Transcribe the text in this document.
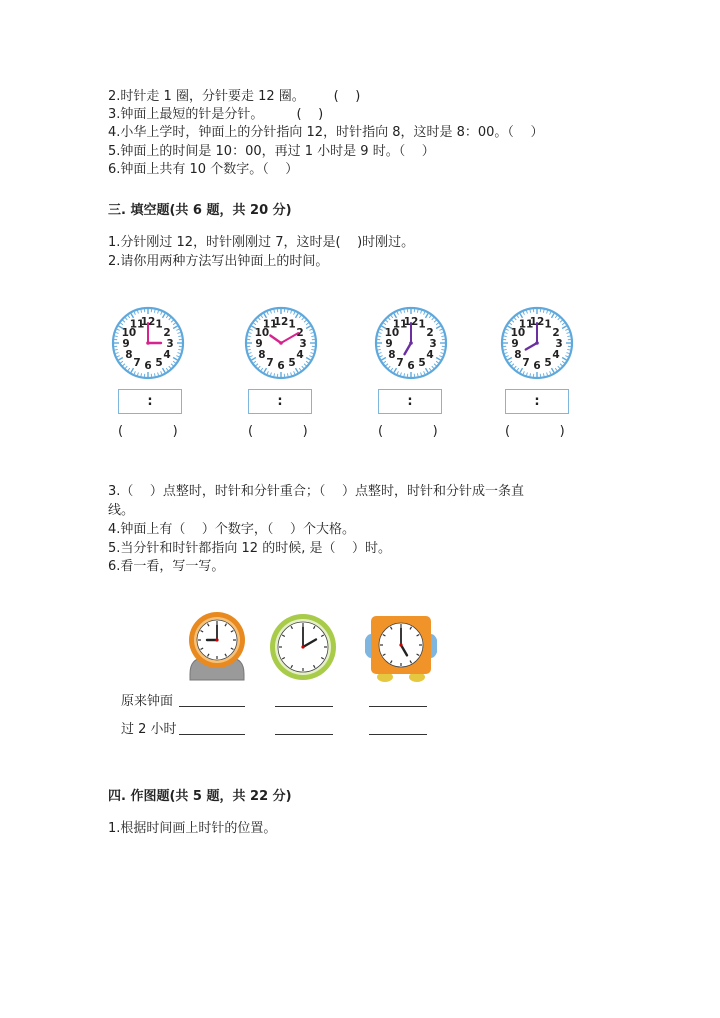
2.时针走 1 圈，分针要走 12 圈。       (    )
3.钟面上最短的针是分针。        (    )
4.小华上学时，钟面上的分针指向 12，时针指向 8，这时是 8：00。（    ）
5.钟面上的时间是 10：00，再过 1 小时是 9 时。（    ）
6.钟面上共有 10 个数字。（    ）
三. 填空题(共 6 题，共 20 分)
1.分针刚过 12，时针刚刚过 7，这时是(    )时刚过。
2.请你用两种方法写出钟面上的时间。
12 1
2
3
4
5
6
7
8
9
10
11	12 1
2
3
4
5
6
7
8
9
10
11	12 1
2
3
4
5
6
7
8
9
10
11	12 1
2
3
4
5
6
7
8
9
10
11
:	:	:	:
(            )	(            )	(            )	(            )
3.（    ）点整时，时针和分针重合；（    ）点整时，时针和分针成一条直
线。
4.钟面上有（    ）个数字，（    ）个大格。
5.当分针和时针都指向 12 的时候, 是（    ）时。
6.看一看，写一写。
原来钟面
过 2 小时
四. 作图题(共 5 题，共 22 分)
1.根据时间画上时针的位置。
